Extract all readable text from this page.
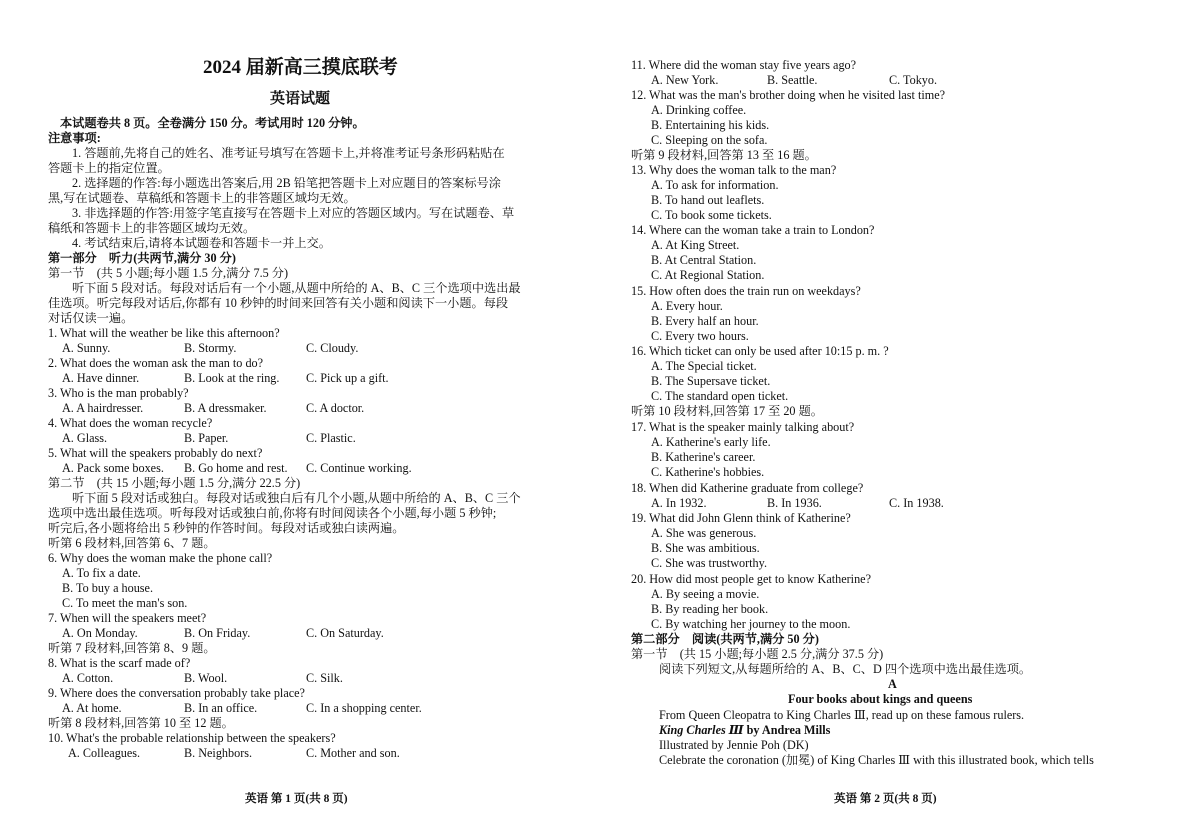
2024 届新高三摸底联考
英语试题
本试题卷共 8 页。全卷满分 150 分。考试用时 120 分钟。
注意事项:
1. 答题前,先将自己的姓名、准考证号填写在答题卡上,并将准考证号条形码粘贴在
答题卡上的指定位置。
2. 选择题的作答:每小题选出答案后,用 2B 铅笔把答题卡上对应题目的答案标号涂
黑,写在试题卷、草稿纸和答题卡上的非答题区域均无效。
3. 非选择题的作答:用签字笔直接写在答题卡上对应的答题区域内。写在试题卷、草
稿纸和答题卡上的非答题区域均无效。
4. 考试结束后,请将本试题卷和答题卡一并上交。
第一部分　听力(共两节,满分 30 分)
第一节　(共 5 小题;每小题 1.5 分,满分 7.5 分)
听下面 5 段对话。每段对话后有一个小题,从题中所给的 A、B、C 三个选项中选出最
佳选项。听完每段对话后,你都有 10 秒钟的时间来回答有关小题和阅读下一小题。每段
对话仅读一遍。
1. What will the weather be like this afternoon?
A. Sunny.	B. Stormy.	C. Cloudy.
2. What does the woman ask the man to do?
A. Have dinner.	B. Look at the ring. C. Pick up a gift.
3. Who is the man probably?
A. A hairdresser.	B. A dressmaker.	C. A doctor.
4. What does the woman recycle?
A. Glass.	B. Paper.	C. Plastic.
5. What will the speakers probably do next?
A. Pack some boxes. B. Go home and rest. C. Continue working.
第二节　(共 15 小题;每小题 1.5 分,满分 22.5 分)
听下面 5 段对话或独白。每段对话或独白后有几个小题,从题中所给的 A、B、C 三个
选项中选出最佳选项。听每段对话或独白前,你将有时间阅读各个小题,每小题 5 秒钟;
听完后,各小题将给出 5 秒钟的作答时间。每段对话或独白读两遍。
听第 6 段材料,回答第 6、7 题。
6. Why does the woman make the phone call?
A. To fix a date.
B. To buy a house.
C. To meet the man's son.
7. When will the speakers meet?
A. On Monday.	B. On Friday.	C. On Saturday.
听第 7 段材料,回答第 8、9 题。
8. What is the scarf made of?
A. Cotton.	B. Wool.	C. Silk.
9. Where does the conversation probably take place?
A. At home.	B. In an office.	C. In a shopping center.
听第 8 段材料,回答第 10 至 12 题。
10. What's the probable relationship between the speakers?
A. Colleagues.	B. Neighbors.	C. Mother and son.
英语 第 1 页(共 8 页)
11. Where did the woman stay five years ago?
A. New York.	B. Seattle.	C. Tokyo.
12. What was the man's brother doing when he visited last time?
A. Drinking coffee.
B. Entertaining his kids.
C. Sleeping on the sofa.
听第 9 段材料,回答第 13 至 16 题。
13. Why does the woman talk to the man?
A. To ask for information.
B. To hand out leaflets.
C. To book some tickets.
14. Where can the woman take a train to London?
A. At King Street.
B. At Central Station.
C. At Regional Station.
15. How often does the train run on weekdays?
A. Every hour.
B. Every half an hour.
C. Every two hours.
16. Which ticket can only be used after 10:15 p. m. ?
A. The Special ticket.
B. The Supersave ticket.
C. The standard open ticket.
听第 10 段材料,回答第 17 至 20 题。
17. What is the speaker mainly talking about?
A. Katherine's early life.
B. Katherine's career.
C. Katherine's hobbies.
18. When did Katherine graduate from college?
A. In 1932.	B. In 1936.	C. In 1938.
19. What did John Glenn think of Katherine?
A. She was generous.
B. She was ambitious.
C. She was trustworthy.
20. How did most people get to know Katherine?
A. By seeing a movie.
B. By reading her book.
C. By watching her journey to the moon.
第二部分　阅读(共两节,满分 50 分)
第一节　(共 15 小题;每小题 2.5 分,满分 37.5 分)
阅读下列短文,从每题所给的 A、B、C、D 四个选项中选出最佳选项。
A
Four books about kings and queens
From Queen Cleopatra to King Charles Ⅲ, read up on these famous rulers.
King Charles Ⅲ by Andrea Mills
Illustrated by Jennie Poh (DK)
Celebrate the coronation (加冕) of King Charles Ⅲ with this illustrated book, which tells
英语 第 2 页(共 8 页)
